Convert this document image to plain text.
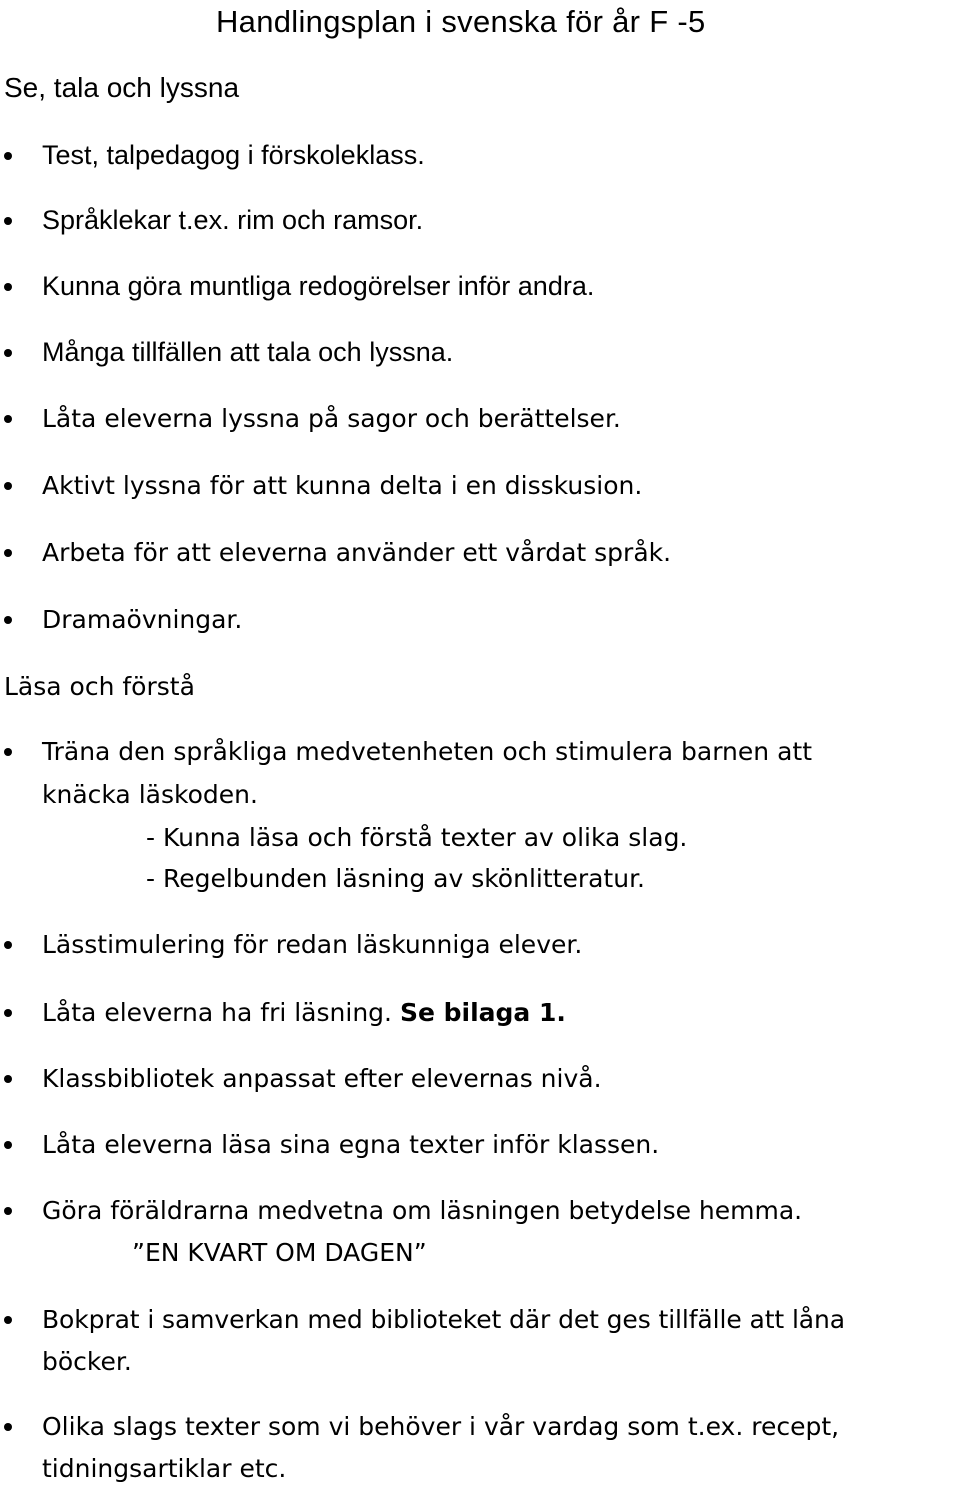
Handlingsplan i svenska för år F -5
Se, tala och lyssna
Test, talpedagog i förskoleklass.
Språklekar t.ex. rim och ramsor.
Kunna göra muntliga redogörelser inför andra.
Många tillfällen att tala och lyssna.
Låta eleverna lyssna på sagor och berättelser.
Aktivt lyssna för att kunna delta i en disskusion.
Arbeta för att eleverna använder ett vårdat språk.
Dramaövningar.
Läsa och förstå
Träna den språkliga medvetenheten och stimulera barnen att
knäcka läskoden.
- Kunna läsa och förstå texter av olika slag.
- Regelbunden läsning av skönlitteratur.
Lässtimulering för redan läskunniga elever.
Låta eleverna ha fri läsning. Se bilaga 1.
Klassbibliotek anpassat efter elevernas nivå.
Låta eleverna läsa sina egna texter inför klassen.
Göra föräldrarna medvetna om läsningen betydelse hemma.
”EN KVART OM DAGEN”
Bokprat i samverkan med biblioteket där det ges tillfälle att låna
böcker.
Olika slags texter som vi behöver i vår vardag som t.ex. recept,
tidningsartiklar etc.
